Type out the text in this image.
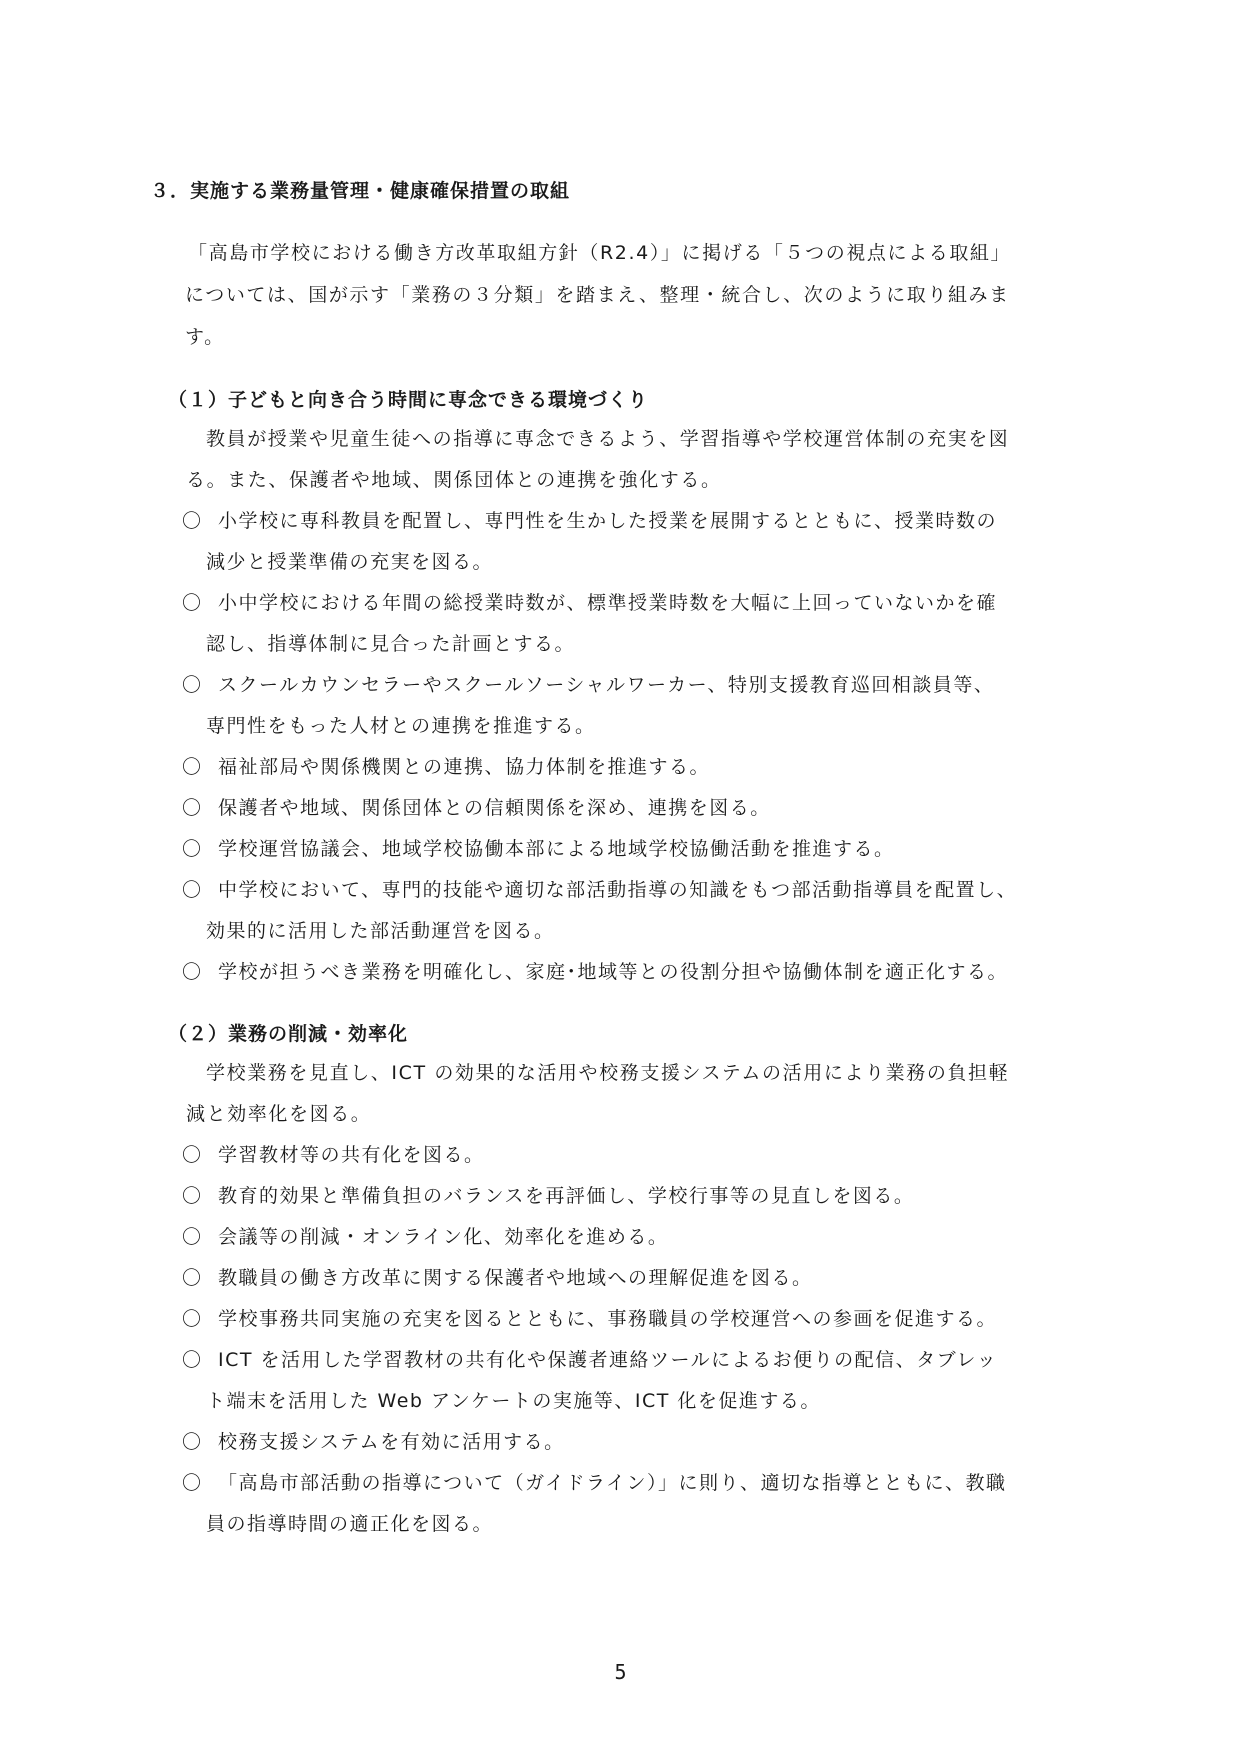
３．実施する業務量管理・健康確保措置の取組
「高島市学校における働き方改革取組方針（R2.4）」に掲げる「５つの視点による取組」
については、国が示す「業務の３分類」を踏まえ、整理・統合し、次のように取り組みま
す。
（１）子どもと向き合う時間に専念できる環境づくり
教員が授業や児童生徒への指導に専念できるよう、学習指導や学校運営体制の充実を図
る。また、保護者や地域、関係団体との連携を強化する。
〇 小学校に専科教員を配置し、専門性を生かした授業を展開するとともに、授業時数の
減少と授業準備の充実を図る。
〇 小中学校における年間の総授業時数が、標準授業時数を大幅に上回っていないかを確
認し、指導体制に見合った計画とする。
〇 スクールカウンセラーやスクールソーシャルワーカー、特別支援教育巡回相談員等、
専門性をもった人材との連携を推進する。
〇 福祉部局や関係機関との連携、協力体制を推進する。
〇 保護者や地域、関係団体との信頼関係を深め、連携を図る。
〇 学校運営協議会、地域学校協働本部による地域学校協働活動を推進する。
〇 中学校において、専門的技能や適切な部活動指導の知識をもつ部活動指導員を配置し、
効果的に活用した部活動運営を図る。
〇 学校が担うべき業務を明確化し、家庭･地域等との役割分担や協働体制を適正化する。
（２）業務の削減・効率化
学校業務を見直し、ICT の効果的な活用や校務支援システムの活用により業務の負担軽
減と効率化を図る。
〇 学習教材等の共有化を図る。
〇 教育的効果と準備負担のバランスを再評価し、学校行事等の見直しを図る。
〇 会議等の削減・オンライン化、効率化を進める。
〇 教職員の働き方改革に関する保護者や地域への理解促進を図る。
〇 学校事務共同実施の充実を図るとともに、事務職員の学校運営への参画を促進する。
〇 ICT を活用した学習教材の共有化や保護者連絡ツールによるお便りの配信、タブレッ
ト端末を活用した Web アンケートの実施等、ICT 化を促進する。
〇 校務支援システムを有効に活用する。
〇 「高島市部活動の指導について（ガイドライン）」に則り、適切な指導とともに、教職
員の指導時間の適正化を図る。
5
